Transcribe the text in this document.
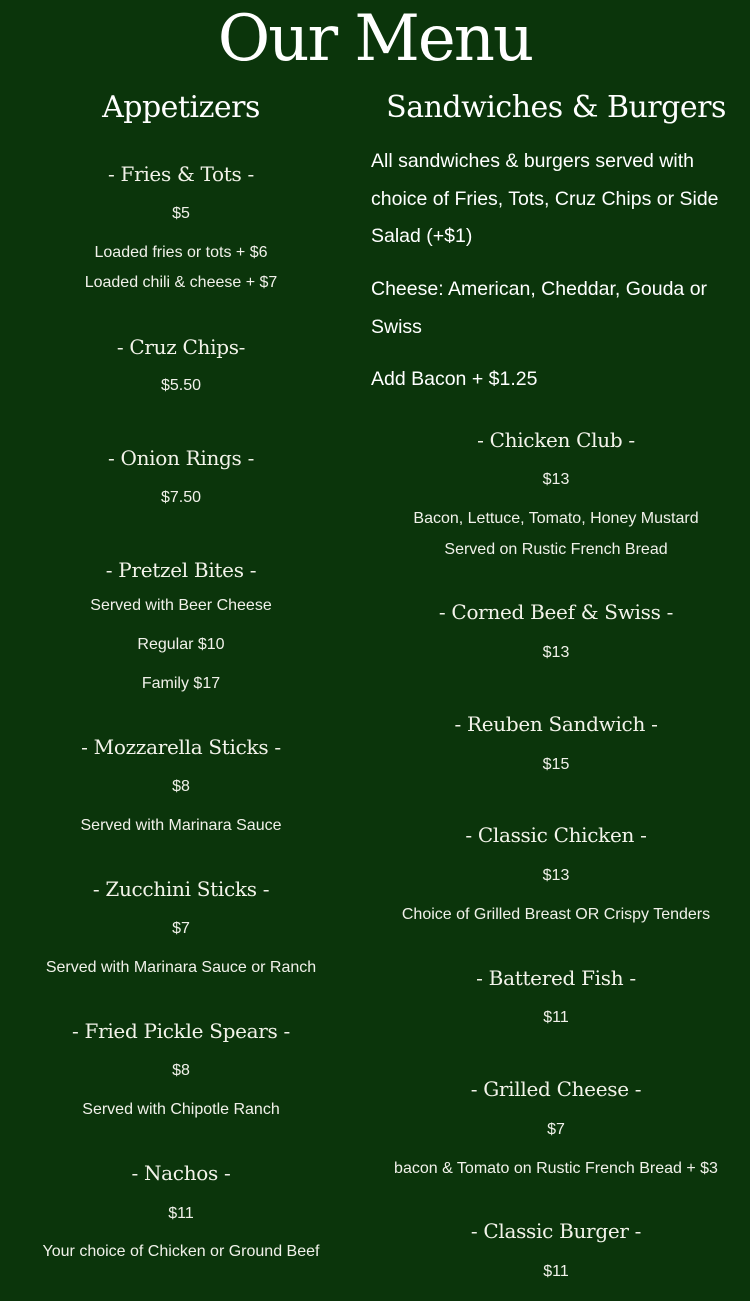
Our Menu
Appetizers
- Fries & Tots -
$5
Loaded fries or tots + $6
Loaded chili & cheese + $7
- Cruz Chips-
$5.50
- Onion Rings -
$7.50
- Pretzel Bites -
Served with Beer Cheese
Regular $10
Family $17
- Mozzarella Sticks -
$8
Served with Marinara Sauce
- Zucchini Sticks -
$7
Served with Marinara Sauce or Ranch
- Fried Pickle Spears -
$8
Served with Chipotle Ranch
- Nachos -
$11
Your choice of Chicken or Ground Beef
Sandwiches & Burgers
All sandwiches & burgers served with choice of Fries, Tots, Cruz Chips or Side Salad (+$1)
Cheese: American, Cheddar, Gouda or Swiss
Add Bacon + $1.25
- Chicken Club -
$13
Bacon, Lettuce, Tomato, Honey Mustard
Served on Rustic French Bread
- Corned Beef & Swiss -
$13
- Reuben Sandwich -
$15
- Classic Chicken -
$13
Choice of Grilled Breast OR Crispy Tenders
- Battered Fish -
$11
- Grilled Cheese -
$7
bacon & Tomato on Rustic French Bread + $3
- Classic Burger -
$11
